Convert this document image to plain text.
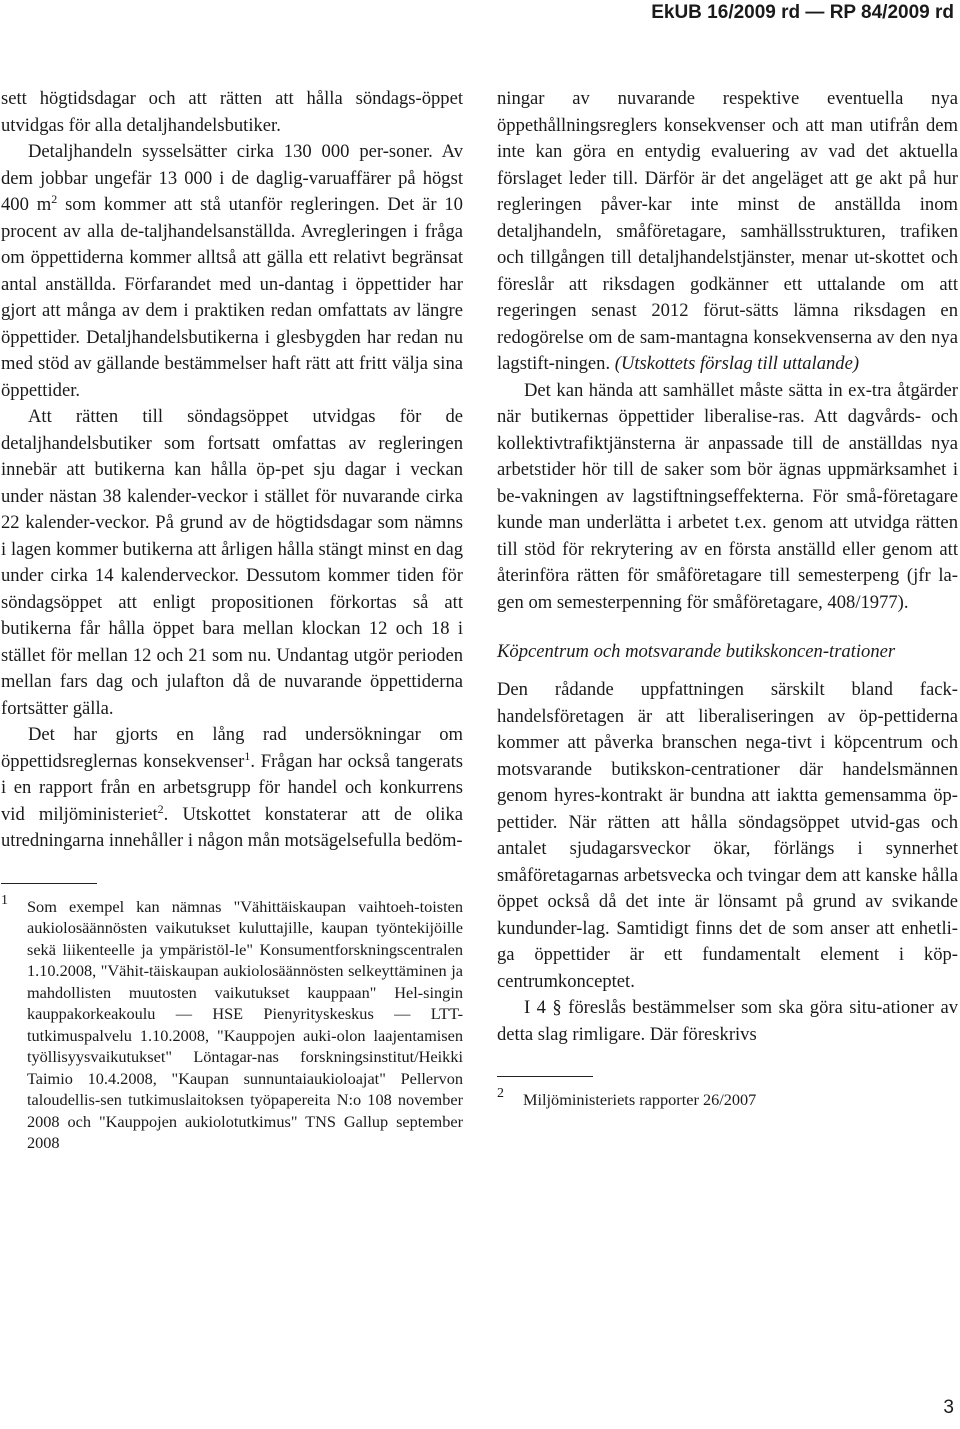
EkUB 16/2009 rd — RP 84/2009 rd

sett högtidsdagar och att rätten att hålla söndags-öppet utvidgas för alla detaljhandelsbutiker.

Detaljhandeln sysselsätter cirka 130 000 per-soner. Av dem jobbar ungefär 13 000 i de daglig-varuaffärer på högst 400 $m^2$ som kommer att stå utanför regleringen. Det är 10 procent av alla de-taljhandelsanställda. Avregleringen i fråga om öppettiderna kommer alltså att gälla ett relativt begränsat antal anställda. Förfarandet med un-dantag i öppettider har gjort att många av dem i praktiken redan omfattats av längre öppettider. Detaljhandelsbutikerna i glesbygden har redan nu med stöd av gällande bestämmelser haft rätt att fritt välja sina öppettider.

Att rätten till söndagsöppet utvidgas för de detaljhandelsbutiker som fortsatt omfattas av regleringen innebär att butikerna kan hålla öp-pet sju dagar i veckan under nästan 38 kalender-veckor i stället för nuvarande cirka 22 kalender-veckor. På grund av de högtidsdagar som nämns i lagen kommer butikerna att årligen hålla stängt minst en dag under cirka 14 kalenderveckor. Dessutom kommer tiden för söndagsöppet att enligt propositionen förkortas så att butikerna får hålla öppet bara mellan klockan 12 och 18 i stället för mellan 12 och 21 som nu. Undantag utgör perioden mellan fars dag och julafton då de nuvarande öppettiderna fortsätter gälla.

Det har gjorts en lång rad undersökningar om öppettidsreglernas konsekvenser$^1$. Frågan har också tangerats i en rapport från en arbetsgrupp för handel och konkurrens vid miljöministeriet$^2$. Utskottet konstaterar att de olika utredningarna innehåller i någon mån motsägelsefulla bedöm-

1 Som exempel kan nämnas "Vähittäiskaupan vaihtoeh-toisten aukiolosäännösten vaikutukset kuluttajille, kaupan työntekijöille sekä liikenteelle ja ympäristöl-le" Konsumentforskningscentralen 1.10.2008, "Vähit-täiskaupan aukiolosäännösten selkeyttäminen ja mahdollisten muutosten vaikutukset kauppaan" Hel-singin kauppakorkeakoulu — HSE Pienyrityskeskus — LTT-tutkimuspalvelu 1.10.2008, "Kauppojen auki-olon laajentamisen työllisyysvaikutukset" Löntagar-nas forskningsinstitut/Heikki Taimio 10.4.2008, "Kaupan sunnuntaiaukioloajat" Pellervon taloudellis-sen tutkimuslaitoksen työpapereita N:o 108 november 2008 och "Kauppojen aukiolotutkimus" TNS Gallup september 2008

ningar av nuvarande respektive eventuella nya öppethållningsreglers konsekvenser och att man utifrån dem inte kan göra en entydig evaluering av vad det aktuella förslaget leder till. Därför är det angeläget att ge akt på hur regleringen påver-kar inte minst de anställda inom detaljhandeln, småföretagare, samhällsstrukturen, trafiken och tillgången till detaljhandelstjänster, menar ut-skottet och föreslår att riksdagen godkänner ett uttalande om att regeringen senast 2012 förut-sätts lämna riksdagen en redogörelse om de sam-mantagna konsekvenserna av den nya lagstift-ningen. (Utskottets förslag till uttalande)

Det kan hända att samhället måste sätta in ex-tra åtgärder när butikernas öppettider liberalise-ras. Att dagvårds- och kollektivtrafiktjänsterna är anpassade till de anställdas nya arbetstider hör till de saker som bör ägnas uppmärksamhet i be-vakningen av lagstiftningseffekterna. För små-företagare kunde man underlätta i arbetet t.ex. genom att utvidga rätten till stöd för rekrytering av en första anställd eller genom att återinföra rätten för småföretagare till semesterpeng (jfr la-gen om semesterpenning för småföretagare, 408/1977).

Köpcentrum och motsvarande butikskoncen-trationer

Den rådande uppfattningen särskilt bland fack-handelsföretagen är att liberaliseringen av öp-pettiderna kommer att påverka branschen nega-tivt i köpcentrum och motsvarande butikskon-centrationer där handelsmännen genom hyres-kontrakt är bundna att iaktta gemensamma öp-pettider. När rätten att hålla söndagsöppet utvid-gas och antalet sjudagarsveckor ökar, förlängs i synnerhet småföretagarnas arbetsvecka och tvingar dem att kanske hålla öppet också då det inte är lönsamt på grund av svikande kundunder-lag. Samtidigt finns det de som anser att enhetli-ga öppettider är ett fundamentalt element i köp-centrumkonceptet.

I 4 § föreslås bestämmelser som ska göra situ-ationer av detta slag rimligare. Där föreskrivs

2 Miljöministeriets rapporter 26/2007
3
